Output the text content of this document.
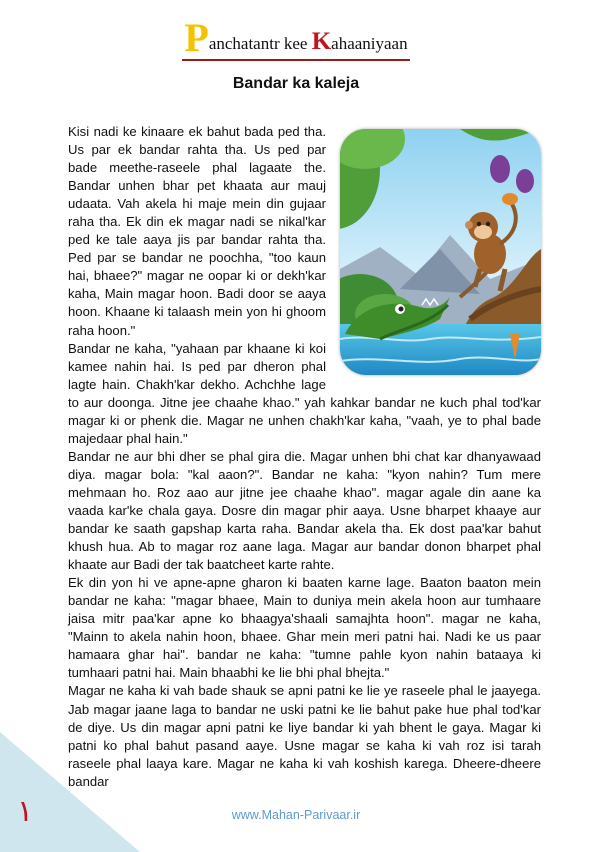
Panchatantr kee Kahaaniyaan
Bandar ka kaleja

Kisi nadi ke kinaare ek bahut bada ped tha. Us par ek bandar rahta tha. Us ped par bade meethe-raseele phal lagaate the. Bandar unhen bhar pet khaata aur mauj udaata. Vah akela hi maje mein din gujaar raha tha. Ek din ek magar nadi se nikal'kar ped ke tale aaya jis par bandar rahta tha. Ped par se bandar ne poochha, "too kaun hai, bhaee?" magar ne oopar ki or dekh'kar kaha, Main magar hoon. Badi door se aaya hoon. Khaane ki talaash mein yon hi ghoom raha hoon."

Bandar ne kaha, "yahaan par khaane ki koi kamee nahin hai. Is ped par dheron phal lagte hain. Chakh'kar dekho. Achchhe lage to aur doonga. Jitne jee chaahe khao." yah kahkar bandar ne kuch phal tod'kar magar ki or phenk die. Magar ne unhen chakh'kar kaha, "vaah, ye to phal bade majedaar phal hain."

Bandar ne aur bhi dher se phal gira die. Magar unhen bhi chat kar dhanyawaad diya. magar bola: "kal aaon?". Bandar ne kaha: "kyon nahin? Tum mere mehmaan ho. Roz aao aur jitne jee chaahe khao". magar agale din aane ka vaada kar'ke chala gaya. Dosre din magar phir aaya. Usne bharpet khaaye aur bandar ke saath gapshap karta raha. Bandar akela tha. Ek dost paa'kar bahut khush hua. Ab to magar roz aane laga. Magar aur bandar donon bharpet phal khaate aur Badi der tak baatcheet karte rahte.

Ek din yon hi ve apne-apne gharon ki baaten karne lage. Baaton baaton mein bandar ne kaha: "magar bhaee, Main to duniya mein akela hoon aur tumhaare jaisa mitr paa'kar apne ko bhaagya'shaali samajhta hoon". magar ne kaha, "Mainn to akela nahin hoon, bhaee. Ghar mein meri patni hai. Nadi ke us paar hamaara ghar hai". bandar ne kaha: "tumne pahle kyon nahin bataaya ki tumhaari patni hai. Main bhaabhi ke lie bhi phal bhejta."

Magar ne kaha ki vah bade shauk se apni patni ke lie ye raseele phal le jaayega. Jab magar jaane laga to bandar ne uski patni ke lie bahut pake hue phal tod'kar de diye. Us din magar apni patni ke liye bandar ki yah bhent le gaya. Magar ki patni ko phal bahut pasand aaye. Usne magar se kaha ki vah roz isi tarah raseele phal laaya kare. Magar ne kaha ki vah koshish karega. Dheere-dheere bandar

١	www.Mahan-Parivaar.ir
